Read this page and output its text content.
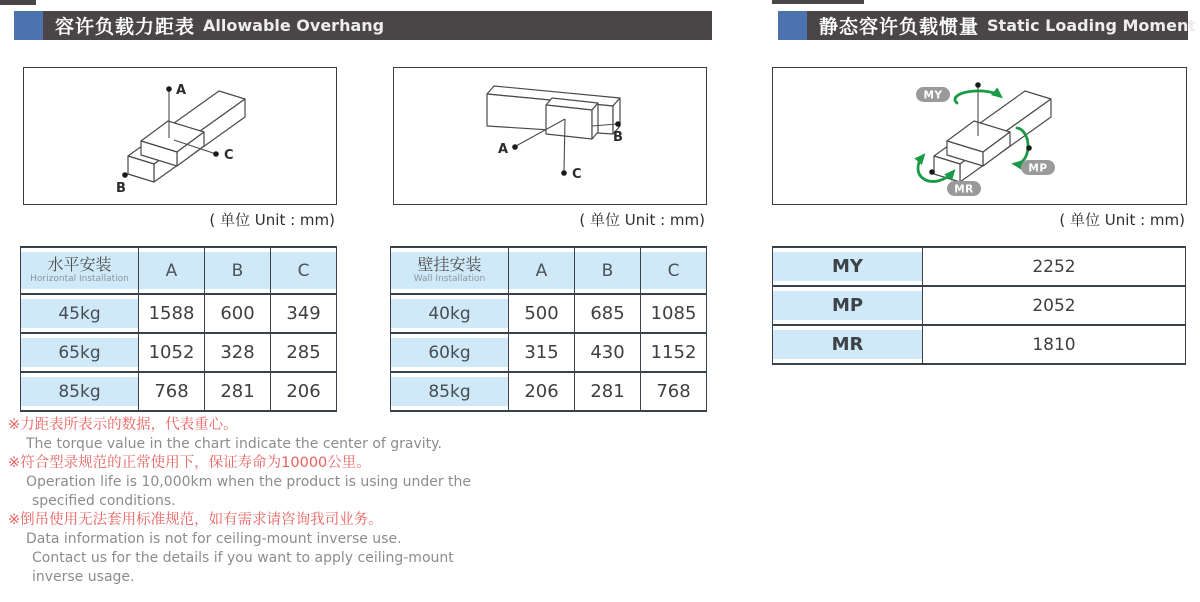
容许负载力距表 Allowable Overhang	静态容许负载惯量 Static Loading Moment
A
B
C	A
C
B
MY
MP
MR
( 单位 Unit : mm)	( 单位 Unit : mm)	( 单位 Unit : mm)
水平安装
Horizontal Installation	A	B	C
45kg	1588	600	349
65kg	1052	328	285
85kg	768	281	206
壁挂安装
Wall Installation	A	B	C
40kg	500	685	1085
60kg	315	430	1152
85kg	206	281	768
MY	2252
MP	2052
MR	1810
※力距表所表示的数据，代表重心。
The torque value in the chart indicate the center of gravity.
※符合型录规范的正常使用下，保证寿命为10000公里。
Operation life is 10,000km when the product is using under the
specified conditions.
※倒吊使用无法套用标准规范，如有需求请咨询我司业务。
Data information is not for ceiling-mount inverse use.
Contact us for the details if you want to apply ceiling-mount
inverse usage.
